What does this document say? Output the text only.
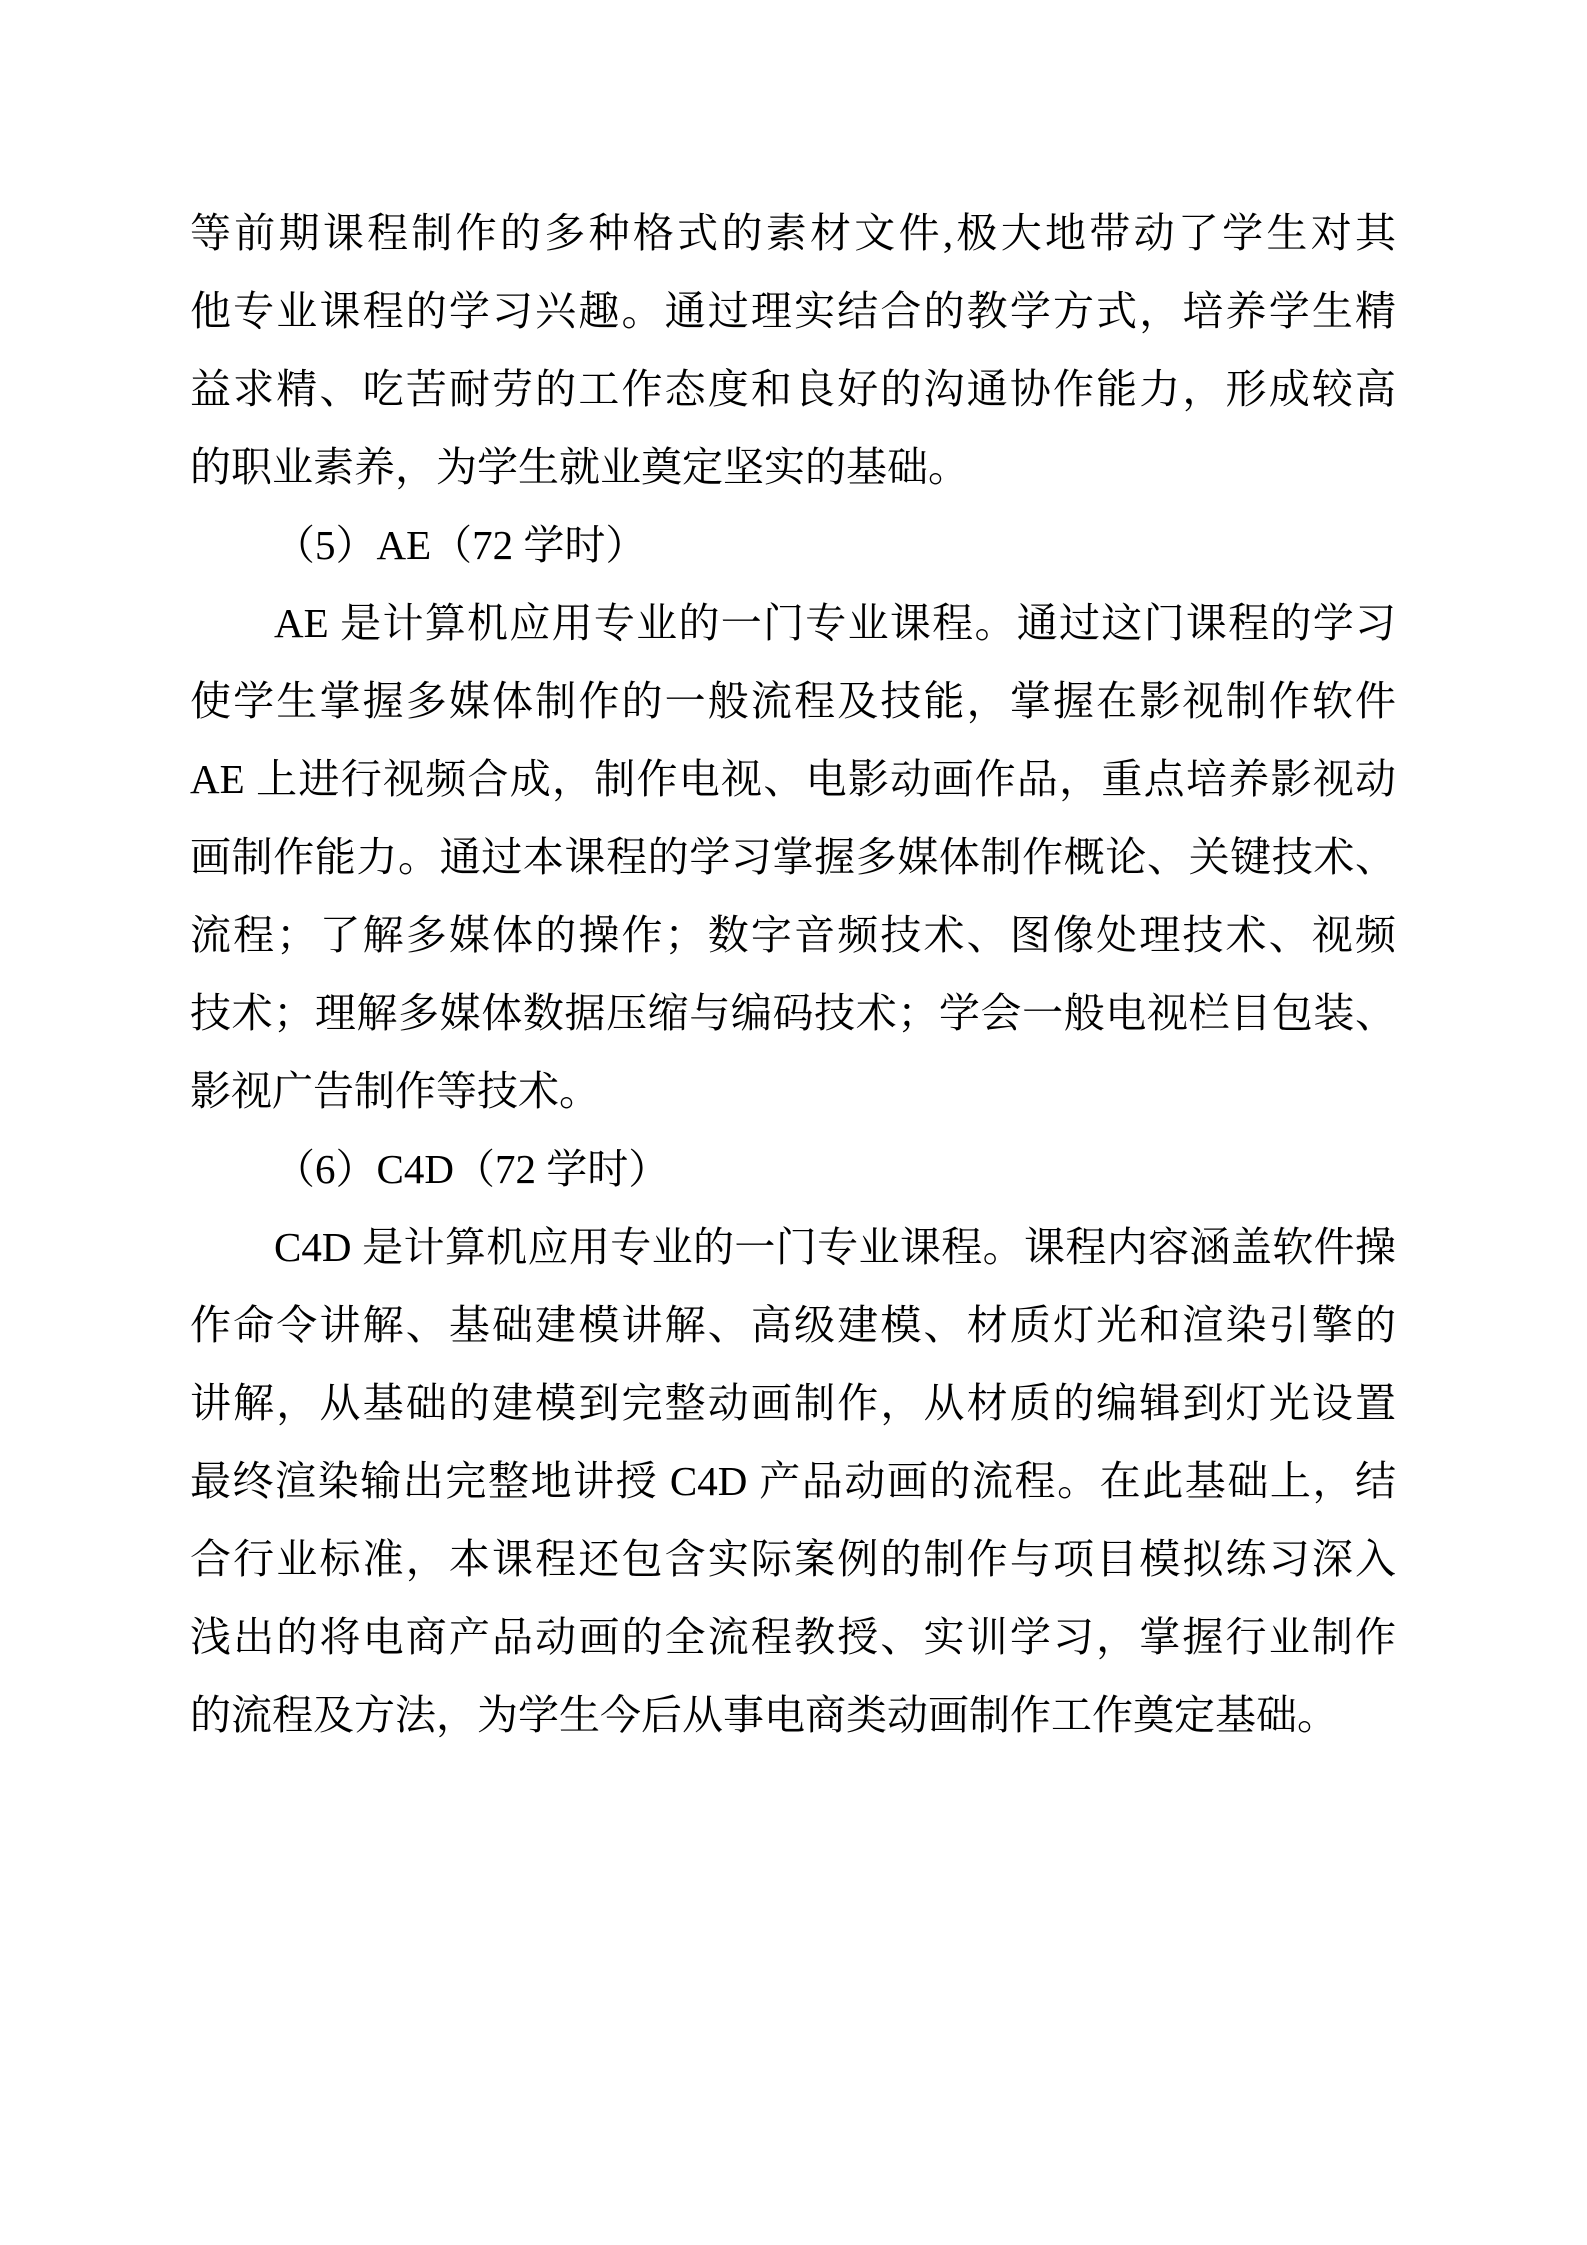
等前期课程制作的多种格式的素材文件,极大地带动了学生对其
他专业课程的学习兴趣。通过理实结合的教学方式，培养学生精
益求精、吃苦耐劳的工作态度和良好的沟通协作能力，形成较高
的职业素养，为学生就业奠定坚实的基础。
（5）AE（72 学时）
AE 是计算机应用专业的一门专业课程。通过这门课程的学习
使学生掌握多媒体制作的一般流程及技能，掌握在影视制作软件
AE 上进行视频合成，制作电视、电影动画作品，重点培养影视动
画制作能力。通过本课程的学习掌握多媒体制作概论、关键技术、
流程；了解多媒体的操作；数字音频技术、图像处理技术、视频
技术；理解多媒体数据压缩与编码技术；学会一般电视栏目包装、
影视广告制作等技术。
（6）C4D（72 学时）
C4D 是计算机应用专业的一门专业课程。课程内容涵盖软件操
作命令讲解、基础建模讲解、高级建模、材质灯光和渲染引擎的
讲解，从基础的建模到完整动画制作，从材质的编辑到灯光设置
最终渲染输出完整地讲授 C4D 产品动画的流程。在此基础上，结
合行业标准，本课程还包含实际案例的制作与项目模拟练习深入
浅出的将电商产品动画的全流程教授、实训学习，掌握行业制作
的流程及方法，为学生今后从事电商类动画制作工作奠定基础。
